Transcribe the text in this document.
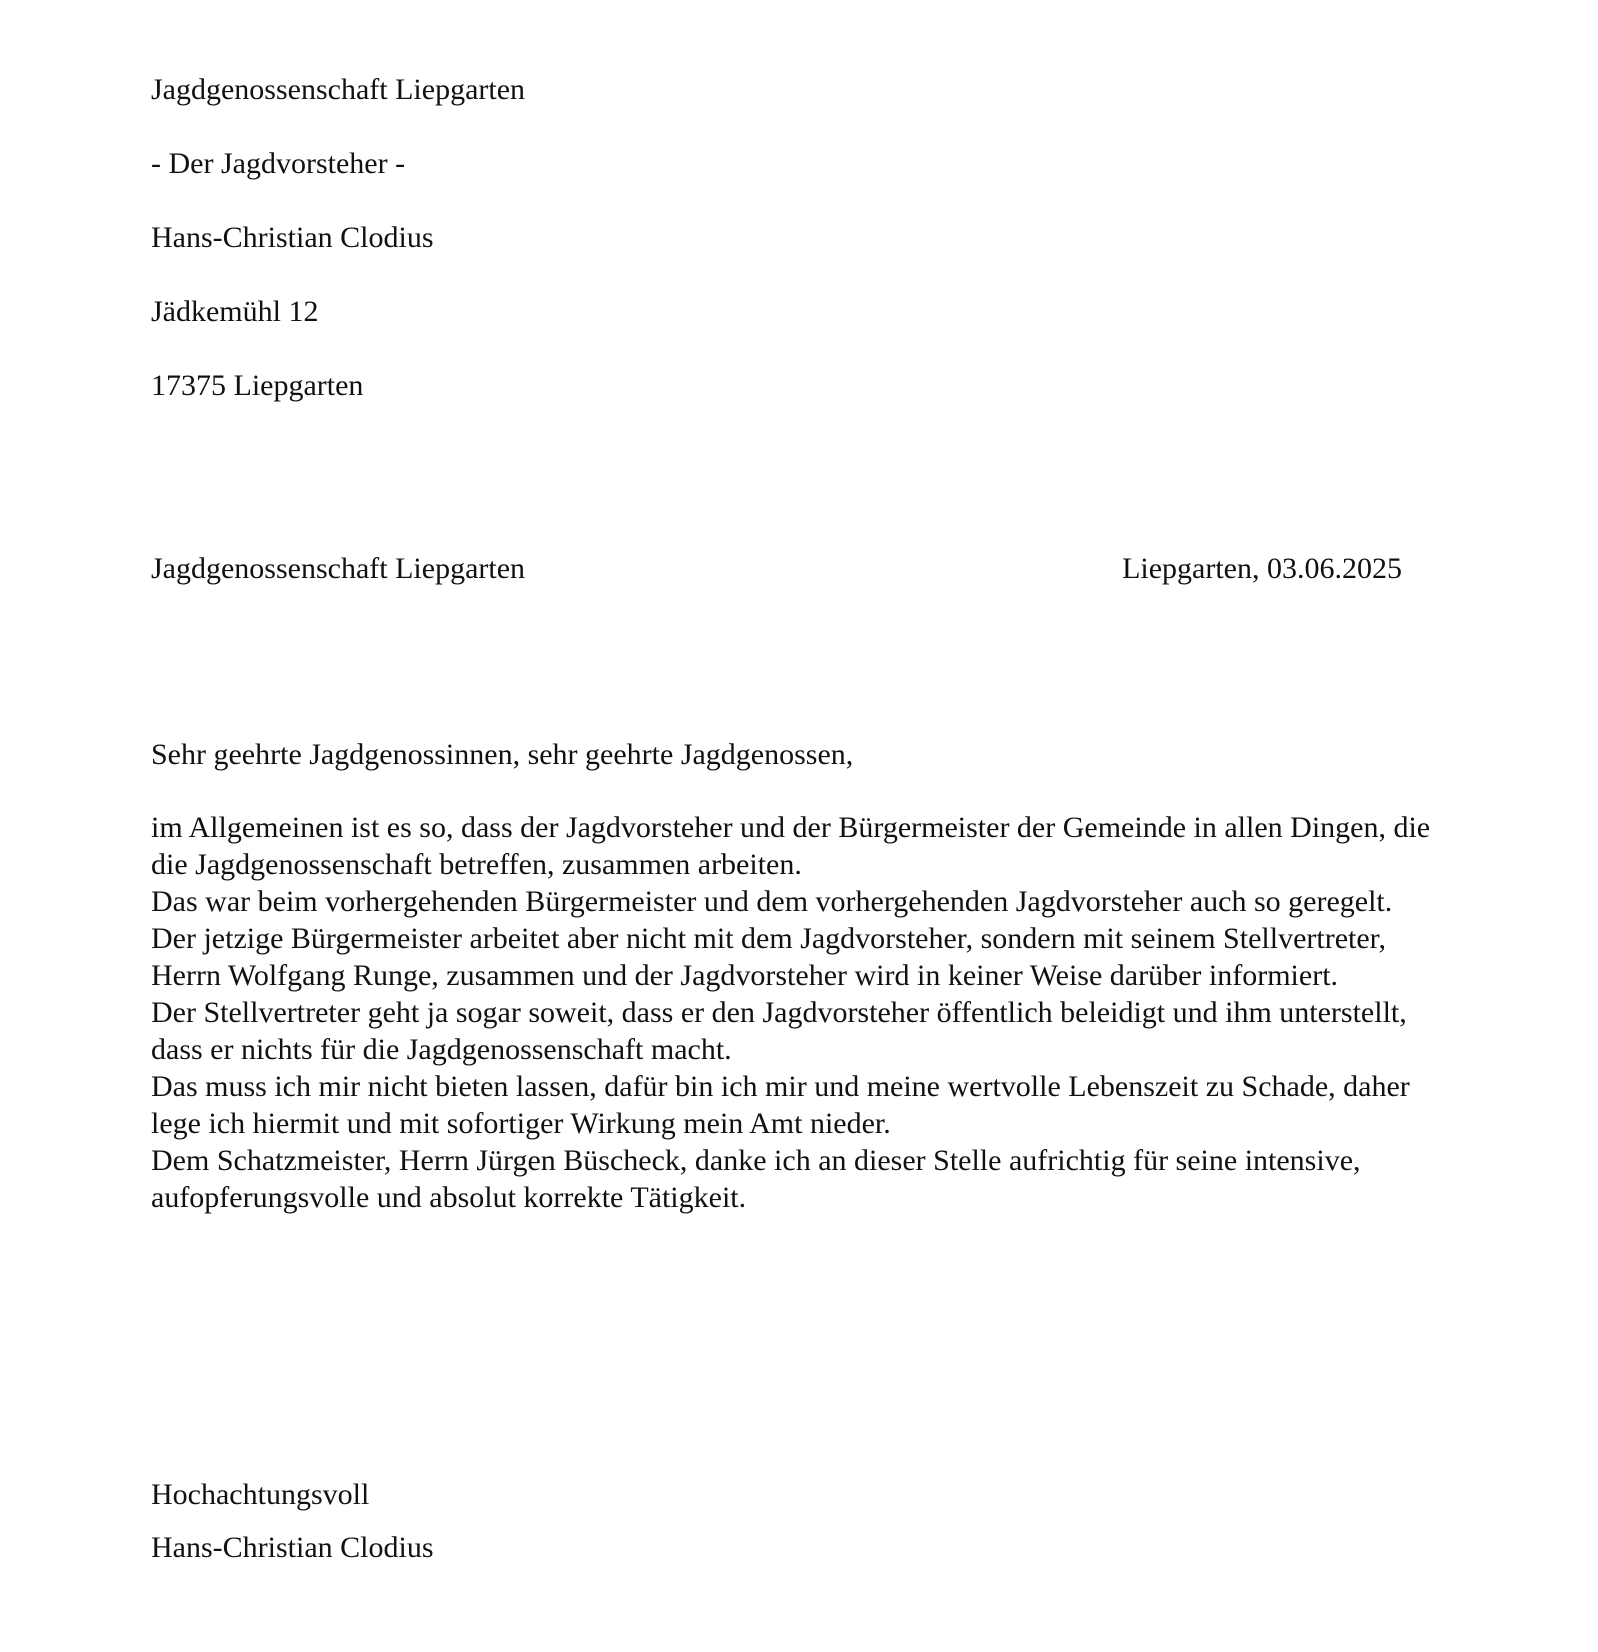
Jagdgenossenschaft Liepgarten
- Der Jagdvorsteher -
Hans-Christian Clodius
Jädkemühl 12
17375 Liepgarten
Jagdgenossenschaft Liepgarten	Liepgarten, 03.06.2025
Sehr geehrte Jagdgenossinnen, sehr geehrte Jagdgenossen,

im Allgemeinen ist es so, dass der Jagdvorsteher und der Bürgermeister der Gemeinde in allen Dingen, die die Jagdgenossenschaft betreffen, zusammen arbeiten.

Das war beim vorhergehenden Bürgermeister und dem vorhergehenden Jagdvorsteher auch so geregelt. Der jetzige Bürgermeister arbeitet aber nicht mit dem Jagdvorsteher, sondern mit seinem Stellvertreter, Herrn Wolfgang Runge, zusammen und der Jagdvorsteher wird in keiner Weise darüber informiert.

Der Stellvertreter geht ja sogar soweit, dass er den Jagdvorsteher öffentlich beleidigt und ihm unterstellt, dass er nichts für die Jagdgenossenschaft macht.

Das muss ich mir nicht bieten lassen, dafür bin ich mir und meine wertvolle Lebenszeit zu Schade, daher lege ich hiermit und mit sofortiger Wirkung mein Amt nieder.

Dem Schatzmeister, Herrn Jürgen Büscheck, danke ich an dieser Stelle aufrichtig für seine intensive, aufopferungsvolle und absolut korrekte Tätigkeit.

Hochachtungsvoll
Hans-Christian Clodius
